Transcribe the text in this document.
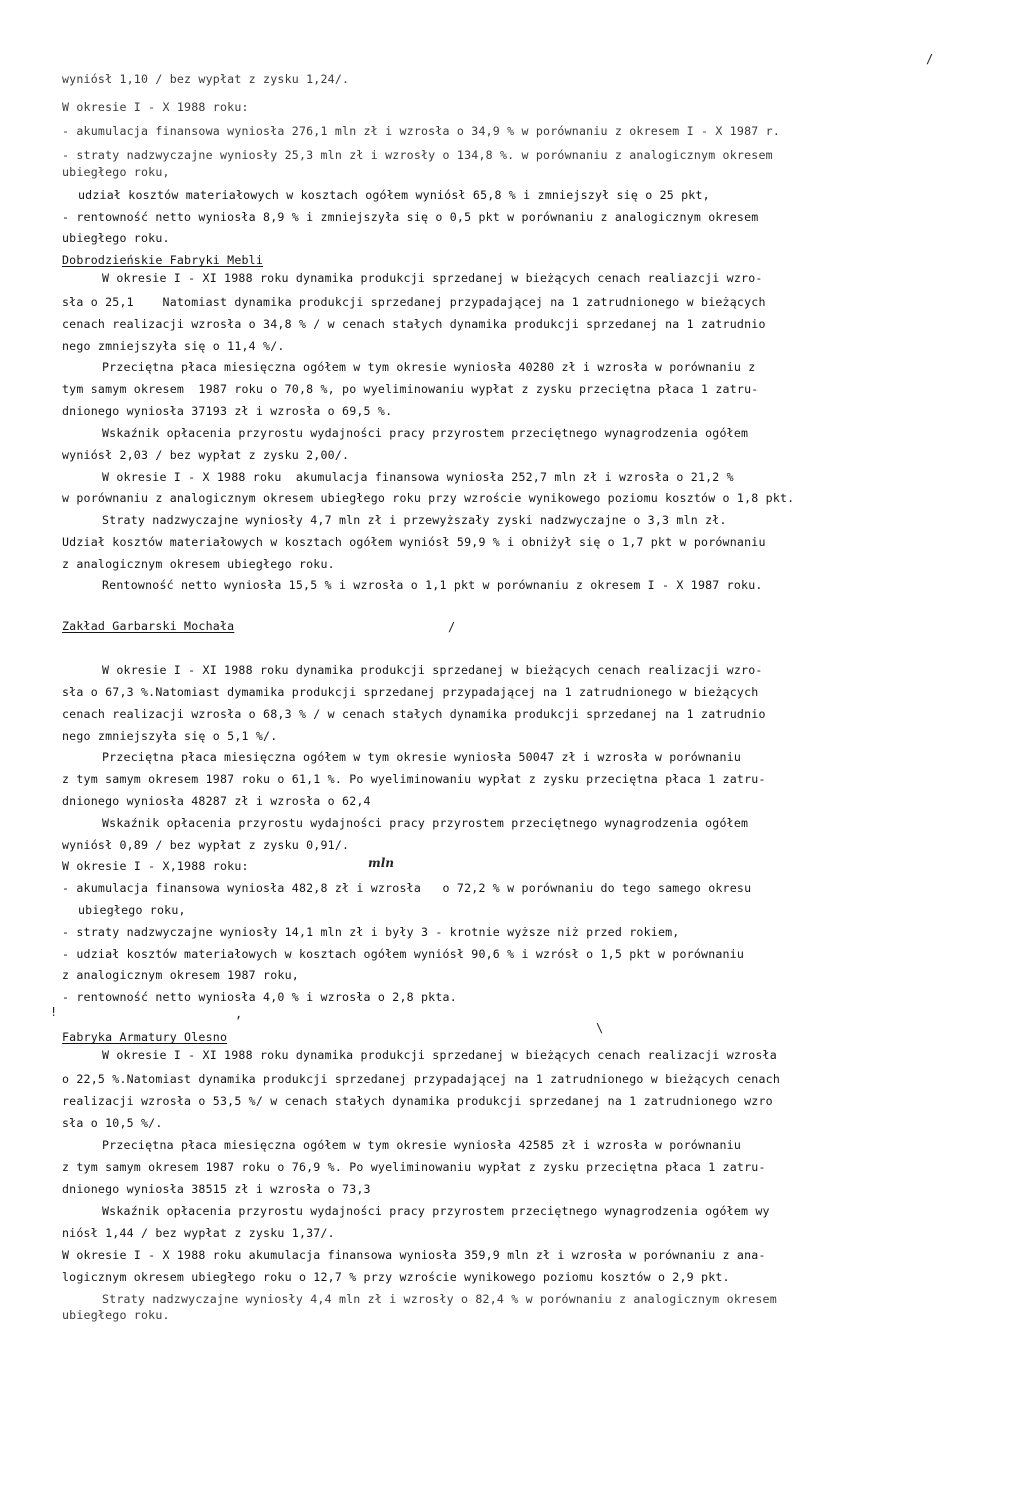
wyniósł 1,10 / bez wypłat z zysku 1,24/.
W okresie I - X 1988 roku:
- akumulacja finansowa wyniosła 276,1 mln zł i wzrosła o 34,9 % w porównaniu z okresem I - X 1987 r.
- straty nadzwyczajne wyniosły 25,3 mln zł i wzrosły o 134,8 %. w porównaniu z analogicznym okresem
ubiegłego roku,
udział kosztów materiałowych w kosztach ogółem wyniósł 65,8 % i zmniejszył się o 25 pkt,
- rentowność netto wyniosła 8,9 % i zmniejszyła się o 0,5 pkt w porównaniu z analogicznym okresem
ubiegłego roku.
Dobrodzieńskie Fabryki Mebli
W okresie I - XI 1988 roku dynamika produkcji sprzedanej w bieżących cenach realiazcji wzro-
sła o 25,1    Natomiast dynamika produkcji sprzedanej przypadającej na 1 zatrudnionego w bieżących
cenach realizacji wzrosła o 34,8 % / w cenach stałych dynamika produkcji sprzedanej na 1 zatrudnio
nego zmniejszyła się o 11,4 %/.
Przeciętna płaca miesięczna ogółem w tym okresie wyniosła 40280 zł i wzrosła w porównaniu z
tym samym okresem  1987 roku o 70,8 %, po wyeliminowaniu wypłat z zysku przeciętna płaca 1 zatru-
dnionego wyniosła 37193 zł i wzrosła o 69,5 %.
Wskaźnik opłacenia przyrostu wydajności pracy przyrostem przeciętnego wynagrodzenia ogółem
wyniósł 2,03 / bez wypłat z zysku 2,00/.
W okresie I - X 1988 roku  akumulacja finansowa wyniosła 252,7 mln zł i wzrosła o 21,2 %
w porównaniu z analogicznym okresem ubiegłego roku przy wzroście wynikowego poziomu kosztów o 1,8 pkt.
Straty nadzwyczajne wyniosły 4,7 mln zł i przewyższały zyski nadzwyczajne o 3,3 mln zł.
Udział kosztów materiałowych w kosztach ogółem wyniósł 59,9 % i obniżył się o 1,7 pkt w porównaniu
z analogicznym okresem ubiegłego roku.
Rentowność netto wyniosła 15,5 % i wzrosła o 1,1 pkt w porównaniu z okresem I - X 1987 roku.
Zakład Garbarski Mochała
W okresie I - XI 1988 roku dynamika produkcji sprzedanej w bieżących cenach realizacji wzro-
sła o 67,3 %.Natomiast dymamika produkcji sprzedanej przypadającej na 1 zatrudnionego w bieżących
cenach realizacji wzrosła o 68,3 % / w cenach stałych dynamika produkcji sprzedanej na 1 zatrudnio
nego zmniejszyła się o 5,1 %/.
Przeciętna płaca miesięczna ogółem w tym okresie wyniosła 50047 zł i wzrosła w porównaniu
z tym samym okresem 1987 roku o 61,1 %. Po wyeliminowaniu wypłat z zysku przeciętna płaca 1 zatru-
dnionego wyniosła 48287 zł i wzrosła o 62,4
Wskaźnik opłacenia przyrostu wydajności pracy przyrostem przeciętnego wynagrodzenia ogółem
wyniósł 0,89 / bez wypłat z zysku 0,91/.
W okresie I - X,1988 roku:	mln
- akumulacja finansowa wyniosła 482,8 zł i wzrosła   o 72,2 % w porównaniu do tego samego okresu
ubiegłego roku,
- straty nadzwyczajne wyniosły 14,1 mln zł i były 3 - krotnie wyższe niż przed rokiem,
- udział kosztów materiałowych w kosztach ogółem wyniósł 90,6 % i wzrósł o 1,5 pkt w porównaniu
z analogicznym okresem 1987 roku,
- rentowność netto wyniosła 4,0 % i wzrosła o 2,8 pkta.
Fabryka Armatury Olesno
W okresie I - XI 1988 roku dynamika produkcji sprzedanej w bieżących cenach realizacji wzrosła
o 22,5 %.Natomiast dynamika produkcji sprzedanej przypadającej na 1 zatrudnionego w bieżących cenach
realizacji wzrosła o 53,5 %/ w cenach stałych dynamika produkcji sprzedanej na 1 zatrudnionego wzro
sła o 10,5 %/.
Przeciętna płaca miesięczna ogółem w tym okresie wyniosła 42585 zł i wzrosła w porównaniu
z tym samym okresem 1987 roku o 76,9 %. Po wyeliminowaniu wypłat z zysku przeciętna płaca 1 zatru-
dnionego wyniosła 38515 zł i wzrosła o 73,3
Wskaźnik opłacenia przyrostu wydajności pracy przyrostem przeciętnego wynagrodzenia ogółem wy
niósł 1,44 / bez wypłat z zysku 1,37/.
W okresie I - X 1988 roku akumulacja finansowa wyniosła 359,9 mln zł i wzrosła w porównaniu z ana-
logicznym okresem ubiegłego roku o 12,7 % przy wzroście wynikowego poziomu kosztów o 2,9 pkt.
Straty nadzwyczajne wyniosły 4,4 mln zł i wzrosły o 82,4 % w porównaniu z analogicznym okresem
ubiegłego roku.
/
!	,
\
/
